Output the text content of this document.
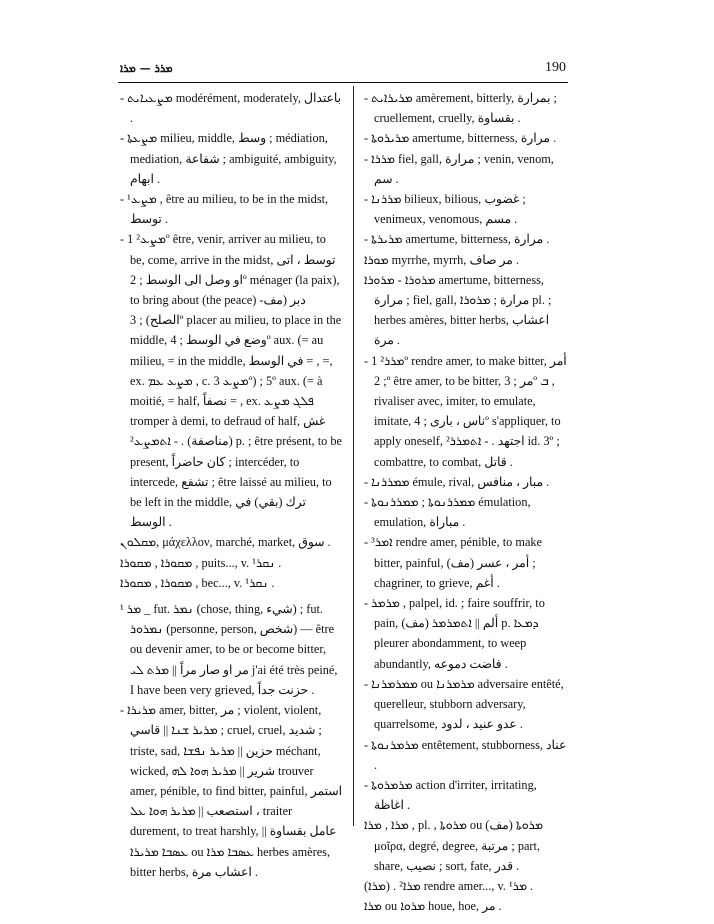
ܡܪܪ — ܡܪܐ	190

- ܡܨܥܝܐܝܬ modérément, moderately, باعتدال .

- ܡܨܥܬܐ milieu, middle, وسط ; médiation, mediation, شفاعة ; ambiguité, ambiguity, ابهام .

- ܡܨܥ¹ , être au milieu, to be in the midst, توسط .

- ܡܨܥ² 1º être, venir, arriver au milieu, to be, come, arrive in the midst, توسط ، اتى او وصل الى الوسط ; 2º ménager (la paix), to bring about (the peace) دبر (مف- الصلح) ; 3º placer au milieu, to place in the middle, وضع في الوسط ; 4º aux. (= au milieu, = in the middle, في الوسط = , =, ex. ܡܨܥ ܥܡ , c. ܡܨܥ 3º) ; 5º aux. (= à moitié, = half, نصفاً = , ex. ܦܠܓ ܡܨܥ tromper à demi, to defraud of half, غش (مناصفة) . - ܐܬܡܨܥ² p. ; être présent, to be present, كان حاضراً ; intercéder, to intercede, تشفع ; être laissé au milieu, to be left in the middle, ترك (بقي) في الوسط .

ܡܩܠܘܢ, μάχελλον, marché, market, سوق .

ܡܩܘܪܐ , ܡܩܘܪܐ , puits..., v. ܢܩܪ¹ .

ܡܩܘܪܐ , ܡܩܘܪܐ , bec..., v. ܢܩܪ¹ .

¹ ܡܪ _ fut. ܢܡܪ (chose, thing, شيء) ; fut. ܢܡܪܘܪ (personne, person, شخص) — être ou devenir amer, to be or become bitter, مر او صار مراً || ܡܪܬ ܠܝ j'ai été très peiné, I have been very grieved, حزنت جداً .

- ܡܪܝܪܐ amer, bitter, مر ; violent, violent, ܡܪܝܪ ܫܢܐ || قاسي ; cruel, cruel, شديد ; triste, sad, حزين || ܡܪܝܪ ܢܦܫܐ méchant, wicked, شرير || ܡܪܝܪ ܗܘܐ ܠܗ trouver amer, pénible, to find bitter, painful, استمر ، استصعب || ܡܪܝܪ ܗܘܐ ܥܠ traiter durement, to treat harshly, عامل بقساوة || ܥܣܒܐ ܡܪܝܪܐ ou ܥܣܒܐ ܡܪܐ herbes amères, bitter herbs, اعشاب مرة .

- ܡܪܝܪܐܝܬ amèrement, bitterly, بمرارة ; cruellement, cruelly, بقساوة .

- ܡܪܝܪܘܬܐ amertume, bitterness, مرارة .

- ܡܪܪܐ fiel, gall, مرارة ; venin, venom, سم .

- ܡܪܪܢܐ bilieux, bilious, غضوب ; venimeux, venomous, مسم .

- ܡܪܝܪܬܐ amertume, bitterness, مرارة .

ܡܘܪܐ myrrhe, myrrh, مر صاف .

ܡܪܘܪܐ - ܡܪܘܪܐ amertume, bitterness, مرارة ; fiel, gall, مرارة ; ܡܪܘܪܐ pl. ; herbes amères, bitter herbs, اعشاب مرة .

- ܡܪܪ² 1º rendre amer, to make bitter, أمر ; 2º être amer, to be bitter, مر ; 3º ܒ , rivaliser avec, imiter, to emulate, imitate, ناس ، بارى ; 4º s'appliquer, to apply oneself, اجتهد . - ܐܬܡܪܪ² id. 3º ; combattre, to combat, قاتل .

- ܡܡܪܪܢܐ émule, rival, مبار ، منافس .

- ܡܡܪܪܢܘܬܐ ; ܡܡܪܪܢܘܬܐ émulation, emulation, مباراة .

- ܐܡܪ³ rendre amer, pénible, to make bitter, painful, (مف) أمر ، عسر ; chagriner, to grieve, أغم .

- ܡܪܡܪ , palpel, id. ; faire souffrir, to pain, (مف) ألم || ܐܬܡܪܡܪ p. ܕܡܥܐ pleurer abondamment, to weep abundantly, فاضت دموعه .

- ܡܡܪܡܪܢܐ ou ܡܪܡܪܢܐ adversaire entêté, querelleur, stubborn adversary, quarrelsome, عدو عنيد ، لدود .

- ܡܪܡܪܢܘܬܐ entêtement, stubborness, عناد .

- ܡܪܡܪܘܬܐ action d'irriter, irritating, اغاظة .

ܡܪܐ , ܡܪܐ , pl. , ܡܪܘܬܐ ou ܡܪܘܬܐ (مف) μοῖρα, degré, degree, مرتبة ; part, share, نصيب ; sort, fate, قدر .

(ܡܪܐ) . ܡܪܐ² rendre amer..., v. ܡܪ¹ .

ܡܪܐ ou ܡܪܘܐ houe, hoe, مر .
